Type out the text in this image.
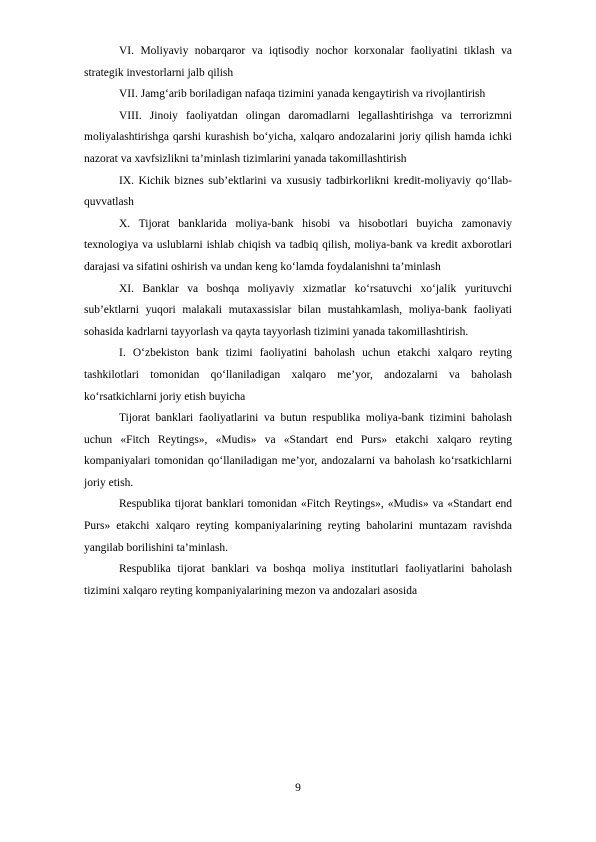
VI. Moliyaviy nobarqaror va iqtisodiy nochor korxonalar faoliyatini tiklash va strategik investorlarni jalb qilish

VII. Jamg‘arib boriladigan nafaqa tizimini yanada kengaytirish va rivojlantirish

VIII. Jinoiy faoliyatdan olingan daromadlarni legallashtirishga va terrorizmni moliyalashtirishga qarshi kurashish bo‘yicha, xalqaro andozalarini joriy qilish hamda ichki nazorat va xavfsizlikni ta’minlash tizimlarini yanada takomillashtirish

IX. Kichik biznes sub’ektlarini va xususiy tadbirkorlikni kredit-moliyaviy qo‘llab-quvvatlash

X. Tijorat banklarida moliya-bank hisobi va hisobotlari buyicha zamonaviy texnologiya va uslublarni ishlab chiqish va tadbiq qilish, moliya-bank va kredit axborotlari darajasi va sifatini oshirish va undan keng ko‘lamda foydalanishni ta’minlash

XI. Banklar va boshqa moliyaviy xizmatlar ko‘rsatuvchi xo‘jalik yurituvchi sub’ektlarni yuqori malakali mutaxassislar bilan mustahkamlash, moliya-bank faoliyati sohasida kadrlarni tayyorlash va qayta tayyorlash tizimini yanada takomillashtirish.

I. O‘zbekiston bank tizimi faoliyatini baholash uchun etakchi xalqaro reyting tashkilotlari tomonidan qo‘llaniladigan xalqaro me’yor, andozalarni va baholash ko‘rsatkichlarni joriy etish buyicha

Tijorat banklari faoliyatlarini va butun respublika moliya-bank tizimini baholash uchun «Fitch Reytings», «Mudis» va «Standart end Purs» etakchi xalqaro reyting kompaniyalari tomonidan qo‘llaniladigan me’yor, andozalarni va baholash ko‘rsatkichlarni joriy etish.

Respublika tijorat banklari tomonidan «Fitch Reytings», «Mudis» va «Standart end Purs» etakchi xalqaro reyting kompaniyalarining reyting baholarini muntazam ravishda yangilab borilishini ta’minlash.

Respublika tijorat banklari va boshqa moliya institutlari faoliyatlarini baholash tizimini xalqaro reyting kompaniyalarining mezon va andozalari asosida

9
